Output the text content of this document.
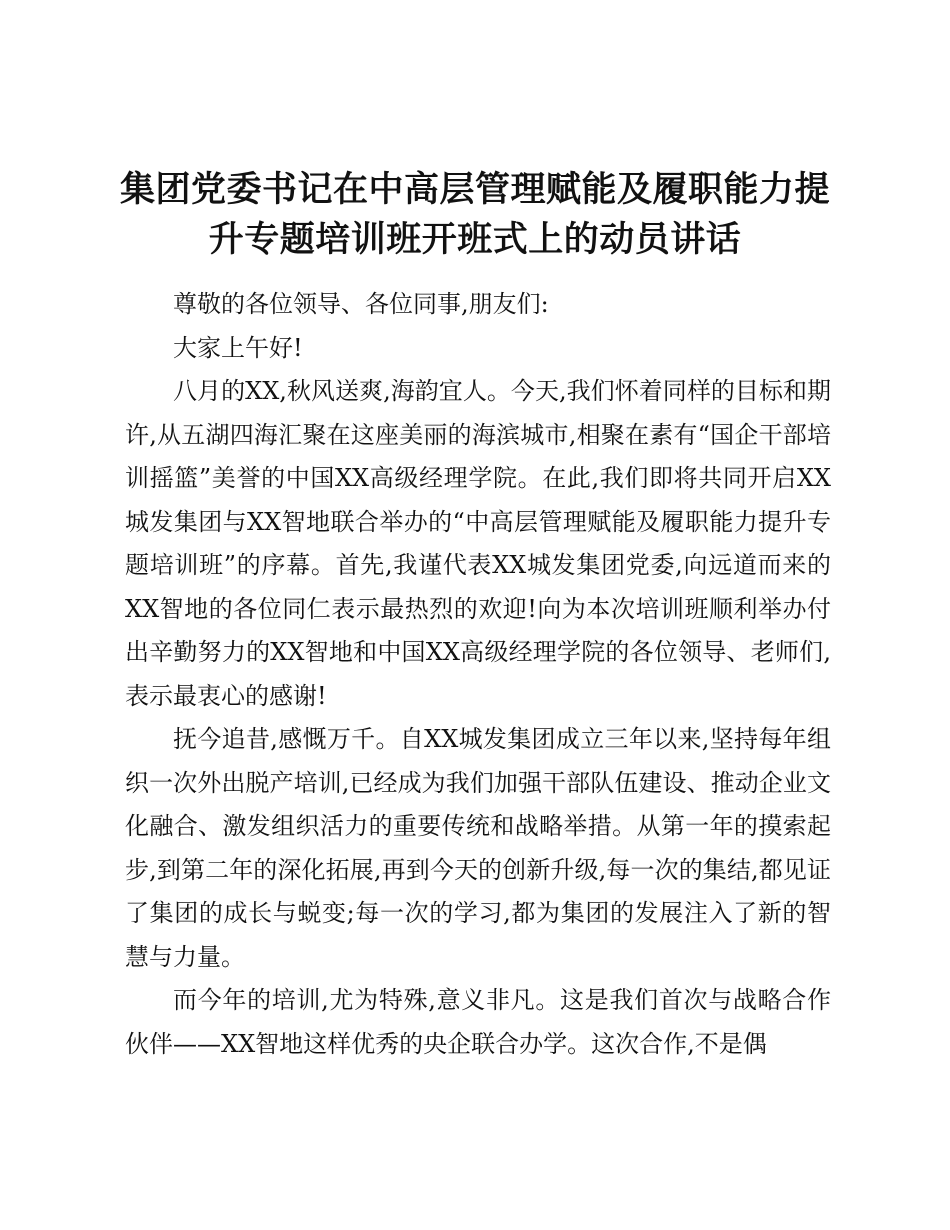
集团党委书记在中高层管理赋能及履职能力提升专题培训班开班式上的动员讲话

尊敬的各位领导、各位同事,朋友们:

大家上午好!

八月的XX,秋风送爽,海韵宜人。今天,我们怀着同样的目标和期许,从五湖四海汇聚在这座美丽的海滨城市,相聚在素有“国企干部培训摇篮”美誉的中国XX高级经理学院。在此,我们即将共同开启XX城发集团与XX智地联合举办的“中高层管理赋能及履职能力提升专题培训班”的序幕。首先,我谨代表XX城发集团党委,向远道而来的XX智地的各位同仁表示最热烈的欢迎!向为本次培训班顺利举办付出辛勤努力的XX智地和中国XX高级经理学院的各位领导、老师们,表示最衷心的感谢!

抚今追昔,感慨万千。自XX城发集团成立三年以来,坚持每年组织一次外出脱产培训,已经成为我们加强干部队伍建设、推动企业文化融合、激发组织活力的重要传统和战略举措。从第一年的摸索起步,到第二年的深化拓展,再到今天的创新升级,每一次的集结,都见证了集团的成长与蜕变;每一次的学习,都为集团的发展注入了新的智慧与力量。

而今年的培训,尤为特殊,意义非凡。这是我们首次与战略合作伙伴——XX智地这样优秀的央企联合办学。这次合作,不是偶
